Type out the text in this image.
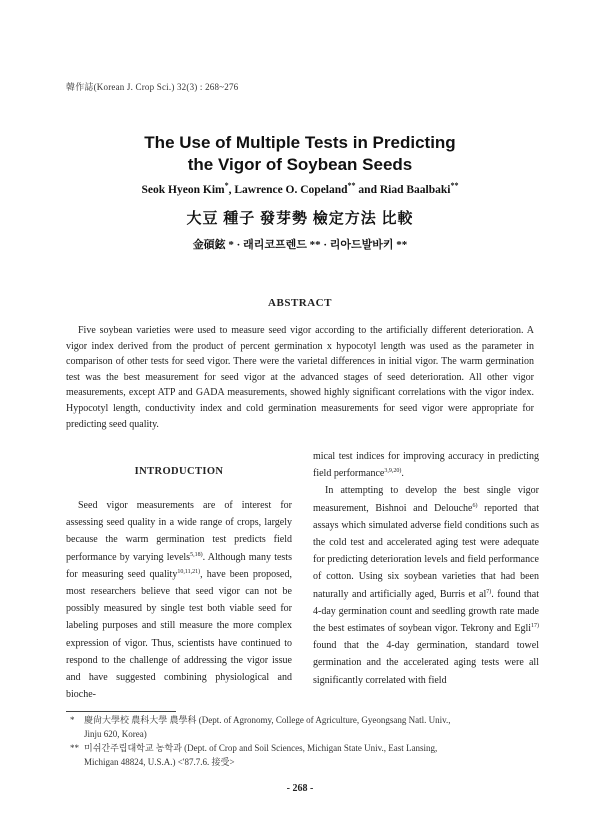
韓作誌(Korean J. Crop Sci.) 32(3) : 268~276
The Use of Multiple Tests in Predicting
the Vigor of Soybean Seeds
Seok Hyeon Kim*, Lawrence O. Copeland** and Riad Baalbaki**
大豆 種子 發芽勢 檢定方法 比較
金碩鉉 * · 래리코프렌드 ** · 리아드발바키 **
ABSTRACT
Five soybean varieties were used to measure seed vigor according to the artificially different deterioration. A vigor index derived from the product of percent germination x hypocotyl length was used as the parameter in comparison of other tests for seed vigor. There were the varietal differences in initial vigor. The warm germination test was the best measurement for seed vigor at the advanced stages of seed deterioration. All other vigor measurements, except ATP and GADA measurements, showed highly significant correlations with the vigor index. Hypocotyl length, conductivity index and cold germination measurements for seed vigor were appropriate for predicting seed quality.
INTRODUCTION

Seed vigor measurements are of interest for assessing seed quality in a wide range of crops, largely because the warm germination test predicts field performance by varying levels$^{5,18)}$. Although many tests for measuring seed quality$^{10,11,21)}$, have been proposed, most researchers believe that seed vigor can not be possibly measured by single test both viable seed for labeling purposes and still measure the more complex expression of vigor. Thus, scientists have continued to respond to the challenge of addressing the vigor issue and have suggested combining physiological and bioche-

mical test indices for improving accuracy in predicting field performance$^{3,9,20)}$.

In attempting to develop the best single vigor measurement, Bishnoi and Delouche$^{6)}$ reported that assays which simulated adverse field conditions such as the cold test and accelerated aging test were adequate for predicting deterioration levels and field performance of cotton. Using six soybean varieties that had been naturally and artificially aged, Burris et al$^{7)}$. found that 4-day germination count and seedling growth rate made the best estimates of soybean vigor. Tekrony and Egli$^{17)}$ found that the 4-day germination, standard towel germination and the accelerated aging tests were all significantly correlated with field

* 慶尙大學校 農科大學 農學科 (Dept. of Agronomy, College of Agriculture, Gyeongsang Natl. Univ.,
Jinju 620, Korea)
** 미쉬간주립대학교 농학과 (Dept. of Crop and Soil Sciences, Michigan State Univ., East Lansing,
Michigan 48824, U.S.A.) <'87.7.6. 接受>
- 268 -
